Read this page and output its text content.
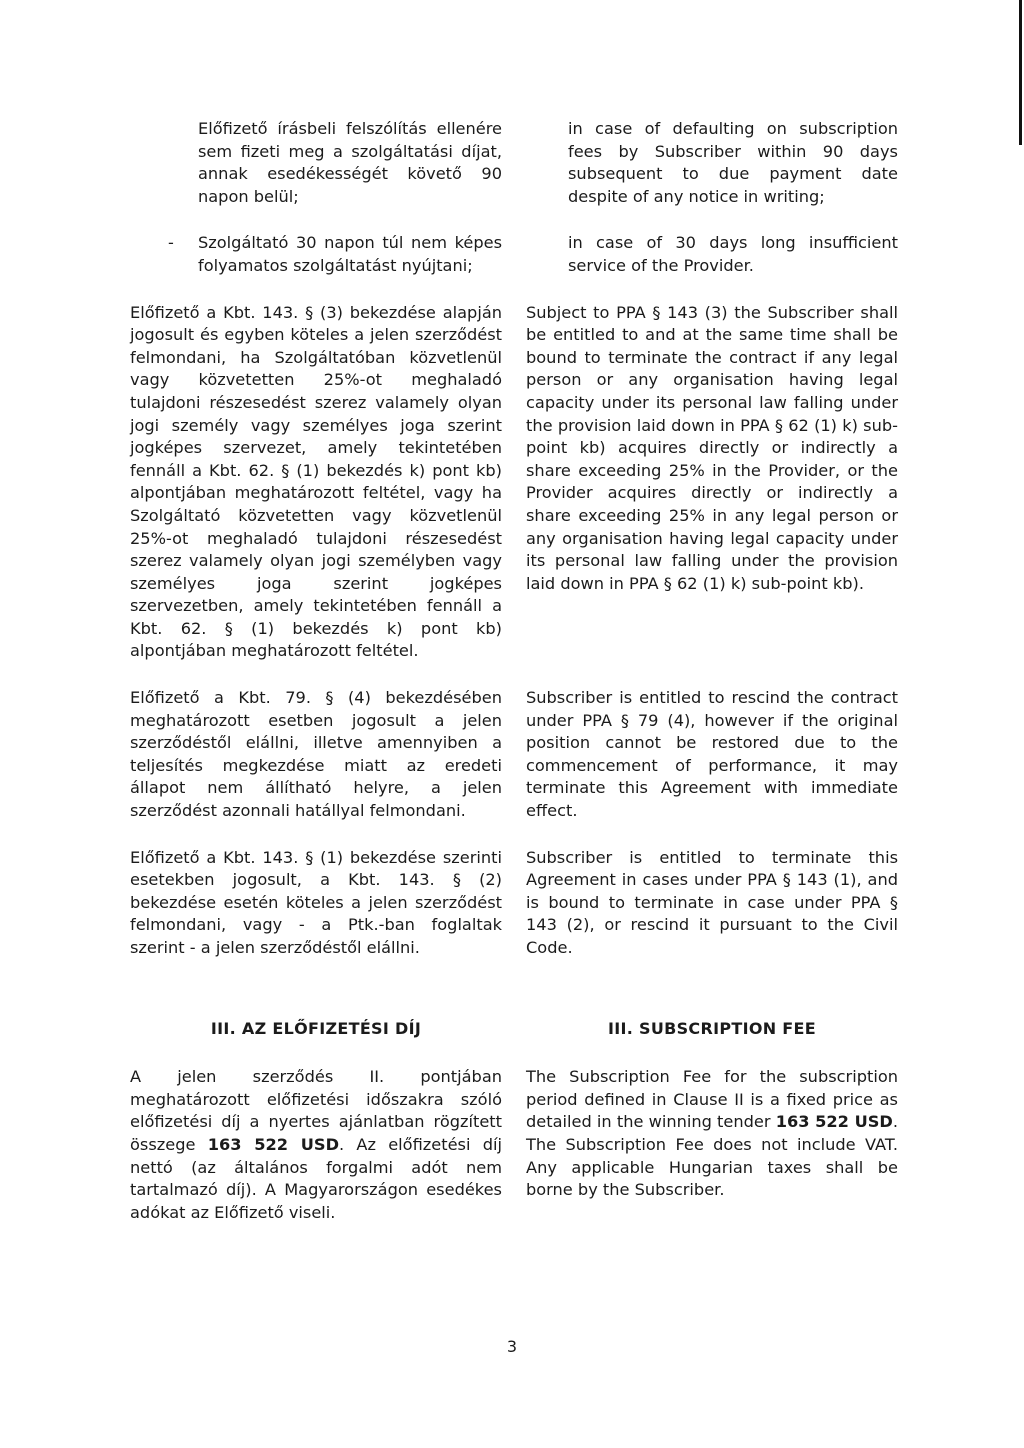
Előfizető írásbeli felszólítás ellenére sem fizeti meg a szolgáltatási díjat, annak esedékességét követő 90 napon belül;
in case of defaulting on subscription fees by Subscriber within 90 days subsequent to due payment date despite of any notice in writing;
- Szolgáltató 30 napon túl nem képes folyamatos szolgáltatást nyújtani;
in case of 30 days long insufficient service of the Provider.
Előfizető a Kbt. 143. § (3) bekezdése alapján jogosult és egyben köteles a jelen szerződést felmondani, ha Szolgáltatóban közvetlenül vagy közvetetten 25%-ot meghaladó tulajdoni részesedést szerez valamely olyan jogi személy vagy személyes joga szerint jogképes szervezet, amely tekintetében fennáll a Kbt. 62. § (1) bekezdés k) pont kb) alpontjában meghatározott feltétel, vagy ha Szolgáltató közvetetten vagy közvetlenül 25%-ot meghaladó tulajdoni részesedést szerez valamely olyan jogi személyben vagy személyes joga szerint jogképes szervezetben, amely tekintetében fennáll a Kbt. 62. § (1) bekezdés k) pont kb) alpontjában meghatározott feltétel.
Subject to PPA § 143 (3) the Subscriber shall be entitled to and at the same time shall be bound to terminate the contract if any legal person or any organisation having legal capacity under its personal law falling under the provision laid down in PPA § 62 (1) k) sub-point kb) acquires directly or indirectly a share exceeding 25% in the Provider, or the Provider acquires directly or indirectly a share exceeding 25% in any legal person or any organisation having legal capacity under its personal law falling under the provision laid down in PPA § 62 (1) k) sub-point kb).
Előfizető a Kbt. 79. § (4) bekezdésében meghatározott esetben jogosult a jelen szerződéstől elállni, illetve amennyiben a teljesítés megkezdése miatt az eredeti állapot nem állítható helyre, a jelen szerződést azonnali hatállyal felmondani.
Subscriber is entitled to rescind the contract under PPA § 79 (4), however if the original position cannot be restored due to the commencement of performance, it may terminate this Agreement with immediate effect.
Előfizető a Kbt. 143. § (1) bekezdése szerinti esetekben jogosult, a Kbt. 143. § (2) bekezdése esetén köteles a jelen szerződést felmondani, vagy - a Ptk.-ban foglaltak szerint - a jelen szerződéstől elállni.
Subscriber is entitled to terminate this Agreement in cases under PPA § 143 (1), and is bound to terminate in case under PPA § 143 (2), or rescind it pursuant to the Civil Code.
III. AZ ELŐFIZETÉSI DÍJ	III. SUBSCRIPTION FEE
A jelen szerződés II. pontjában meghatározott előfizetési időszakra szóló előfizetési díj a nyertes ajánlatban rögzített összege 163 522 USD. Az előfizetési díj nettó (az általános forgalmi adót nem tartalmazó díj). A Magyarországon esedékes adókat az Előfizető viseli.
The Subscription Fee for the subscription period defined in Clause II is a fixed price as detailed in the winning tender 163 522 USD. The Subscription Fee does not include VAT. Any applicable Hungarian taxes shall be borne by the Subscriber.
3
